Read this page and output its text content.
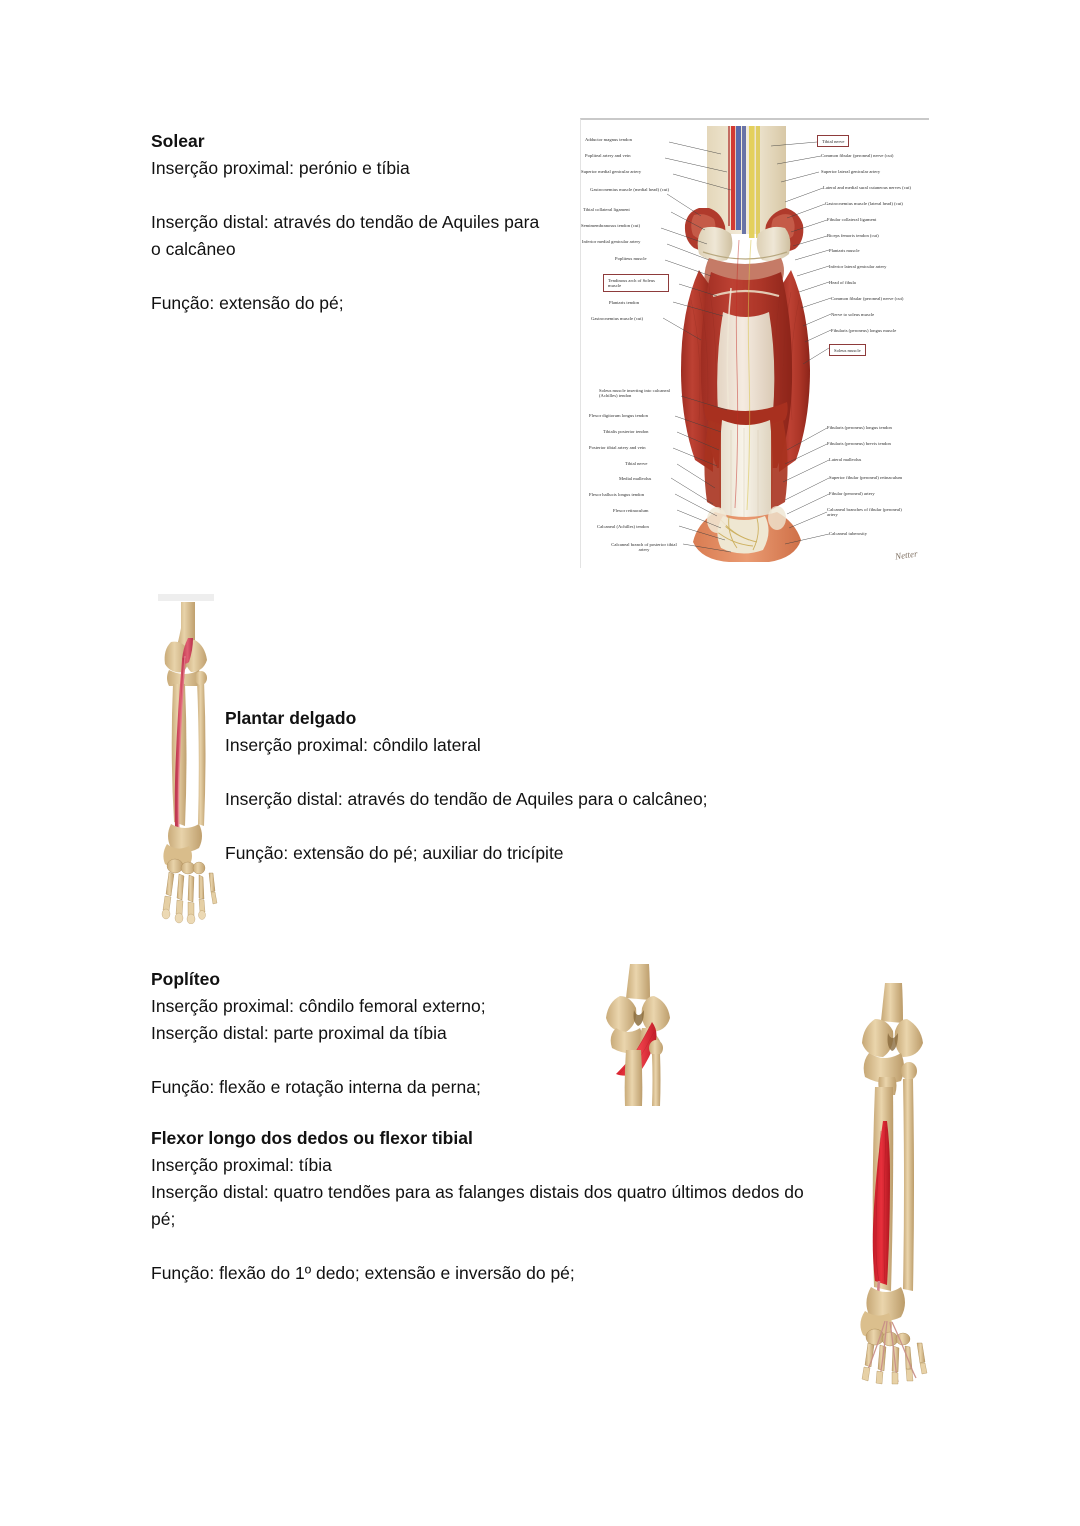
Solear
Inserção proximal: perónio e tíbia
Inserção distal: através do tendão de Aquiles para
o calcâneo
Função: extensão do pé;
Adductor magnus tendon
Popliteal artery and vein
Superior medial genicular artery
Gastrocnemius muscle (medial head) (cut)
Tibial collateral ligament
Semimembranosus tendon (cut)
Inferior medial genicular artery
Popliteus muscle
Tendinous arch of Soleus muscle
Plantaris tendon
Gastrocnemius muscle (cut)
Soleus muscle inserting into calcaneal (Achilles) tendon
Flexor digitorum longus tendon
Tibialis posterior tendon
Posterior tibial artery and vein
Tibial nerve
Medial malleolus
Flexor hallucis longus tendon
Flexor retinaculum
Calcaneal (Achilles) tendon
Calcaneal branch of posterior tibial artery
Tibial nerve
Common fibular (peroneal) nerve (cut)
Superior lateral genicular artery
Lateral and medial sural cutaneous nerves (cut)
Gastrocnemius muscle (lateral head) (cut)
Fibular collateral ligament
Biceps femoris tendon (cut)
Plantaris muscle
Inferior lateral genicular artery
Head of fibula
Common fibular (peroneal) nerve (cut)
Nerve to soleus muscle
Fibularis (peroneus) longus muscle
Soleus muscle
Fibularis (peroneus) longus tendon
Fibularis (peroneus) brevis tendon
Lateral malleolus
Superior fibular (peroneal) retinaculum
Fibular (peroneal) artery
Calcaneal branches of fibular (peroneal) artery
Calcaneal tuberosity
Netter
Plantar delgado
Inserção proximal: côndilo lateral
Inserção distal: através do tendão de Aquiles para o calcâneo;
Função: extensão do pé; auxiliar do tricípite
Poplíteo
Inserção proximal: côndilo femoral externo;
Inserção distal: parte proximal da tíbia
Função: flexão e rotação interna da perna;
Flexor longo dos dedos ou flexor tibial
Inserção proximal: tíbia
Inserção distal: quatro tendões para as falanges distais dos quatro últimos dedos do
pé;
Função: flexão do 1º dedo; extensão e inversão do pé;
